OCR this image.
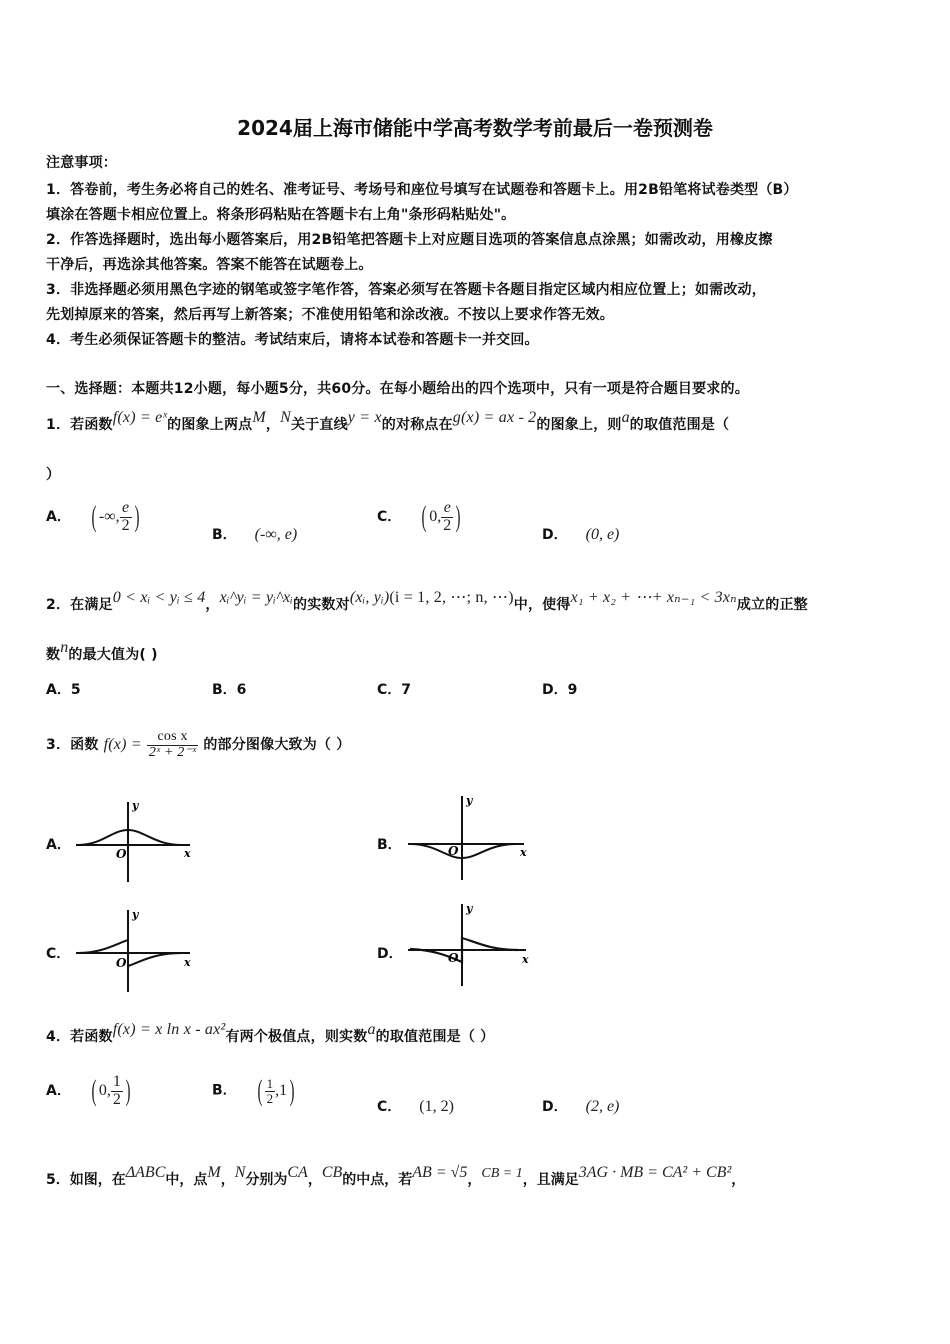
2024届上海市储能中学高考数学考前最后一卷预测卷
注意事项：
1．答卷前，考生务必将自己的姓名、准考证号、考场号和座位号填写在试题卷和答题卡上。用2B铅笔将试卷类型（B）
填涂在答题卡相应位置上。将条形码粘贴在答题卡右上角"条形码粘贴处"。
2．作答选择题时，选出每小题答案后，用2B铅笔把答题卡上对应题目选项的答案信息点涂黑；如需改动，用橡皮擦
干净后，再选涂其他答案。答案不能答在试题卷上。
3．非选择题必须用黑色字迹的钢笔或签字笔作答，答案必须写在答题卡各题目指定区域内相应位置上；如需改动，
先划掉原来的答案，然后再写上新答案；不准使用铅笔和涂改液。不按以上要求作答无效。
4．考生必须保证答题卡的整洁。考试结束后，请将本试卷和答题卡一并交回。
一、选择题：本题共12小题，每小题5分，共60分。在每小题给出的四个选项中，只有一项是符合题目要求的。
1．若函数f(x) = eˣ的图象上两点M，N关于直线y = x的对称点在g(x) = ax - 2的图象上，则a的取值范围是（
）
A． ( -∞, $\frac{e}{2}$ )
B． (-∞, e)
C． ( 0, $\frac{e}{2}$ )
D． (0, e)
2．在满足0 < xᵢ < yᵢ ≤ 4，xᵢ^yᵢ = yᵢ^xᵢ的实数对(xᵢ, yᵢ)(i = 1, 2, ⋯; n, ⋯)中，使得x₁ + x₂ + ⋯+ xₙ₋₁ < 3xₙ成立的正整
数n的最大值为( )
A．5	B．6	C．7	D．9
3．函数 $f(x) = \frac{\text{cos x}}{\text{2ˣ + 2⁻ˣ}}$ 的部分图像大致为（ ）
A．
y
x
O
B．
y
x
O
C．
y
x
O
D．
y
x
O
4．若函数f(x) = x ln x - ax²有两个极值点，则实数a的取值范围是（ ）
A． ( 0, $\frac{1}{2}$ )	B． ( $\frac{1}{2} ,1$)	C． (1, 2)	D． (2, e)
5．如图，在ΔABC中，点M，N分别为CA，CB的中点，若AB = √5，CB = 1，且满足3AG · MB = CA² + CB²，
